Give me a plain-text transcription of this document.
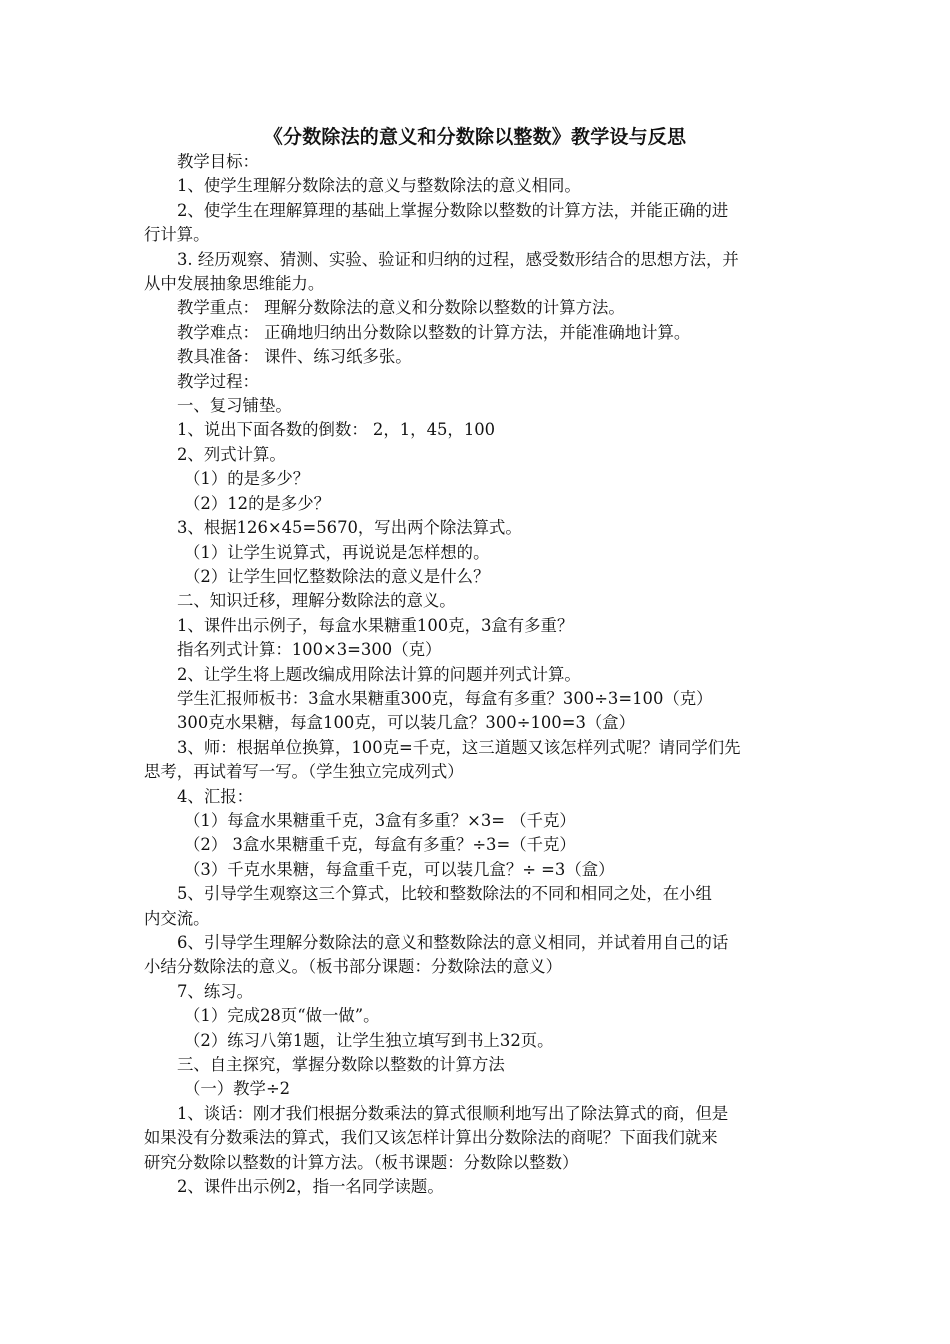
《分数除法的意义和分数除以整数》教学设与反思

教学目标：

1、使学生理解分数除法的意义与整数除法的意义相同。

2、使学生在理解算理的基础上掌握分数除以整数的计算方法，并能正确的进

行计算。

3. 经历观察、猜测、实验、验证和归纳的过程，感受数形结合的思想方法，并

从中发展抽象思维能力。

教学重点： 理解分数除法的意义和分数除以整数的计算方法。

教学难点： 正确地归纳出分数除以整数的计算方法，并能准确地计算。

教具准备： 课件、练习纸多张。

教学过程：

一、复习铺垫。

1、说出下面各数的倒数： 2，1，45，100

2、列式计算。

（1）的是多少？

（2）12的是多少？

3、根据126×45=5670，写出两个除法算式。

（1）让学生说算式，再说说是怎样想的。

（2）让学生回忆整数除法的意义是什么？

二、知识迁移，理解分数除法的意义。

1、课件出示例子，每盒水果糖重100克，3盒有多重？

指名列式计算：100×3=300（克）

2、让学生将上题改编成用除法计算的问题并列式计算。

学生汇报师板书：3盒水果糖重300克，每盒有多重？300÷3=100（克）

300克水果糖，每盒100克，可以装几盒？300÷100=3（盒）

3、师：根据单位换算，100克=千克，这三道题又该怎样列式呢？请同学们先

思考，再试着写一写。（学生独立完成列式）

4、汇报：

（1）每盒水果糖重千克，3盒有多重？×3= （千克）

（2） 3盒水果糖重千克，每盒有多重？÷3=（千克）

（3）千克水果糖，每盒重千克，可以装几盒？÷ =3（盒）

5、引导学生观察这三个算式，比较和整数除法的不同和相同之处，在小组

内交流。

6、引导学生理解分数除法的意义和整数除法的意义相同，并试着用自己的话

小结分数除法的意义。（板书部分课题：分数除法的意义）

7、练习。

（1）完成28页“做一做”。

（2）练习八第1题，让学生独立填写到书上32页。

三、自主探究，掌握分数除以整数的计算方法

（一）教学÷2

1、谈话：刚才我们根据分数乘法的算式很顺利地写出了除法算式的商，但是

如果没有分数乘法的算式，我们又该怎样计算出分数除法的商呢？下面我们就来

研究分数除以整数的计算方法。（板书课题：分数除以整数）

2、课件出示例2，指一名同学读题。
